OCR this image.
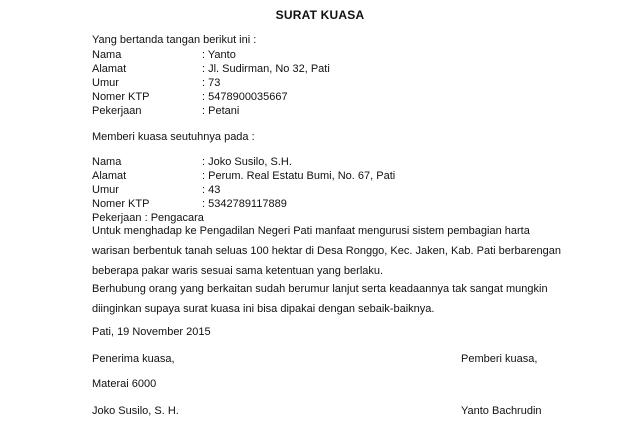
SURAT KUASA
Yang bertanda tangan berikut ini :
Nama	: Yanto
Alamat	: Jl. Sudirman, No 32, Pati
Umur	: 73
Nomer KTP	: 5478900035667
Pekerjaan	: Petani
Memberi kuasa seutuhnya pada :
Nama	: Joko Susilo, S.H.
Alamat	: Perum. Real Estatu Bumi, No. 67, Pati
Umur	: 43
Nomer KTP	: 5342789117889
Pekerjaan : Pengacara
Untuk menghadap ke Pengadilan Negeri Pati manfaat mengurusi sistem pembagian harta warisan berbentuk tanah seluas 100 hektar di Desa Ronggo, Kec. Jaken, Kab. Pati berbarengan beberapa pakar waris sesuai sama ketentuan yang berlaku.
Berhubung orang yang berkaitan sudah berumur lanjut serta keadaannya tak sangat mungkin diinginkan supaya surat kuasa ini bisa dipakai dengan sebaik-baiknya.
Pati, 19 November 2015
Penerima kuasa,	Pemberi kuasa,
Materai 6000
Joko Susilo, S. H.	Yanto Bachrudin
